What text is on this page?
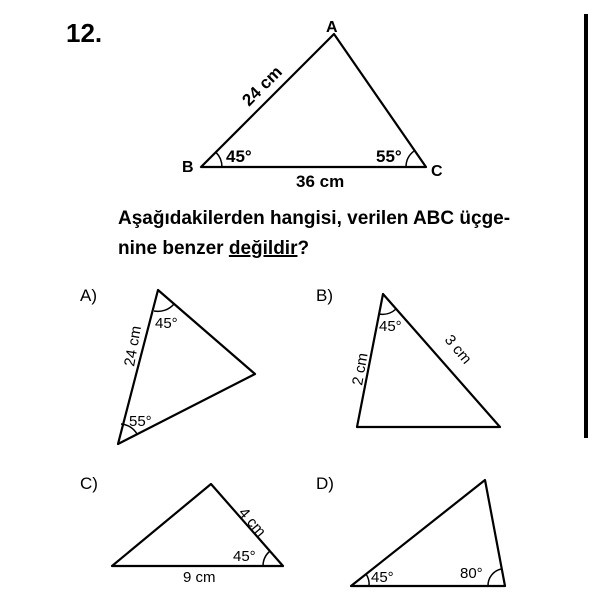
12.
Aşağıdakilerden hangisi, verilen ABC üçge-
nine benzer değildir?
A
B	C
24 cm
36 cm
45°	55°
A)
24 cm
45°
55°
B)
2 cm
3 cm
45°
C)
4 cm
9 cm
45°
D)
45°	80°
